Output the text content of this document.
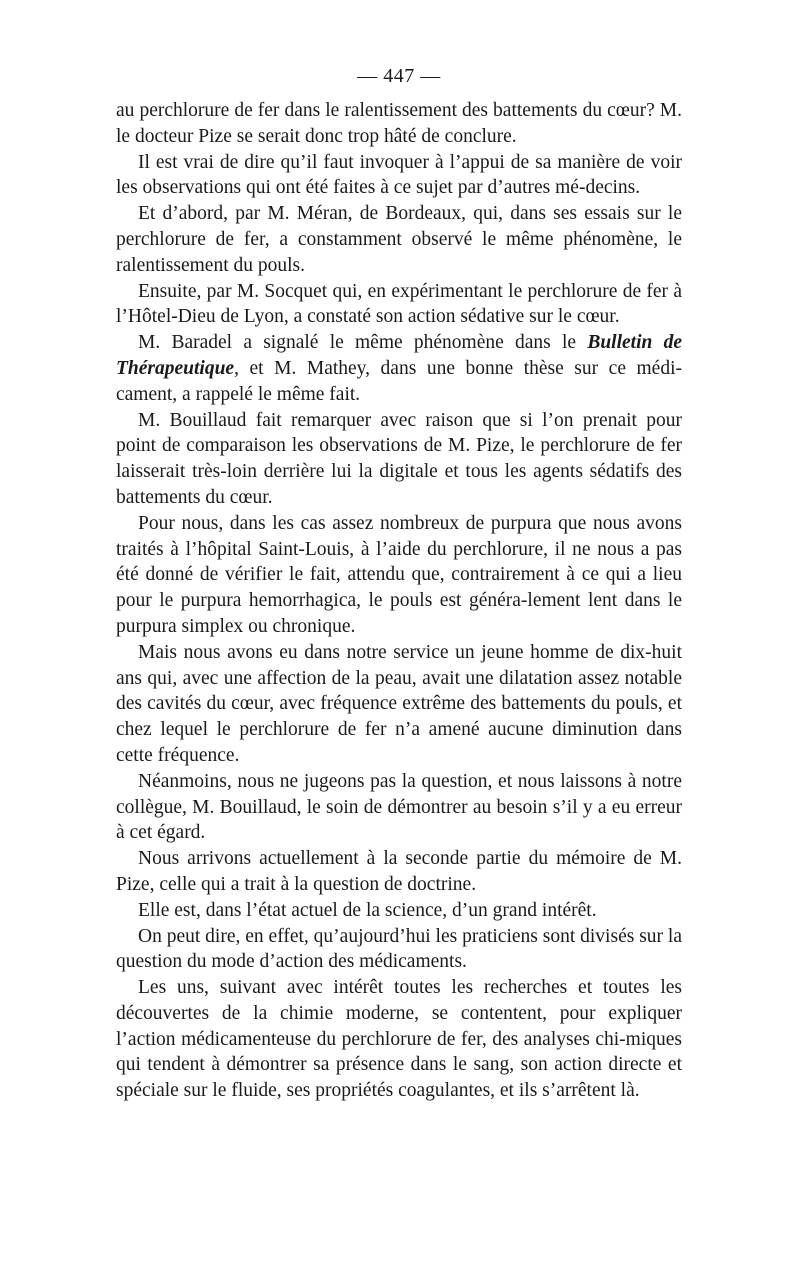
— 447 —

au perchlorure de fer dans le ralentissement des battements du cœur? M. le docteur Pize se serait donc trop hâté de conclure.

Il est vrai de dire qu’il faut invoquer à l’appui de sa manière de voir les observations qui ont été faites à ce sujet par d’autres mé-decins.

Et d’abord, par M. Méran, de Bordeaux, qui, dans ses essais sur le perchlorure de fer, a constamment observé le même phénomène, le ralentissement du pouls.

Ensuite, par M. Socquet qui, en expérimentant le perchlorure de fer à l’Hôtel-Dieu de Lyon, a constaté son action sédative sur le cœur.

M. Baradel a signalé le même phénomène dans le Bulletin de Thérapeutique, et M. Mathey, dans une bonne thèse sur ce médi-cament, a rappelé le même fait.

M. Bouillaud fait remarquer avec raison que si l’on prenait pour point de comparaison les observations de M. Pize, le perchlorure de fer laisserait très-loin derrière lui la digitale et tous les agents sédatifs des battements du cœur.

Pour nous, dans les cas assez nombreux de purpura que nous avons traités à l’hôpital Saint-Louis, à l’aide du perchlorure, il ne nous a pas été donné de vérifier le fait, attendu que, contrairement à ce qui a lieu pour le purpura hemorrhagica, le pouls est généra-lement lent dans le purpura simplex ou chronique.

Mais nous avons eu dans notre service un jeune homme de dix-huit ans qui, avec une affection de la peau, avait une dilatation assez notable des cavités du cœur, avec fréquence extrême des battements du pouls, et chez lequel le perchlorure de fer n’a amené aucune diminution dans cette fréquence.

Néanmoins, nous ne jugeons pas la question, et nous laissons à notre collègue, M. Bouillaud, le soin de démontrer au besoin s’il y a eu erreur à cet égard.

Nous arrivons actuellement à la seconde partie du mémoire de M. Pize, celle qui a trait à la question de doctrine.

Elle est, dans l’état actuel de la science, d’un grand intérêt.

On peut dire, en effet, qu’aujourd’hui les praticiens sont divisés sur la question du mode d’action des médicaments.

Les uns, suivant avec intérêt toutes les recherches et toutes les découvertes de la chimie moderne, se contentent, pour expliquer l’action médicamenteuse du perchlorure de fer, des analyses chi-miques qui tendent à démontrer sa présence dans le sang, son action directe et spéciale sur le fluide, ses propriétés coagulantes, et ils s’arrêtent là.
